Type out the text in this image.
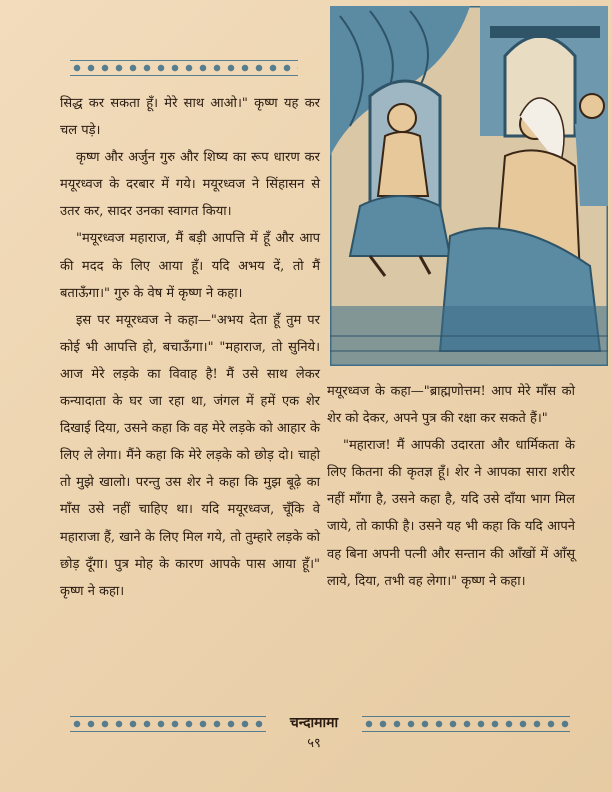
सिद्ध कर सकता हूँ। मेरे साथ आओ।" कृष्ण यह कर चल पड़े।

कृष्ण और अर्जुन गुरु और शिष्य का रूप धारण कर मयूरध्वज के दरबार में गये। मयूरध्वज ने सिंहासन से उतर कर, सादर उनका स्वागत किया।

"मयूरध्वज महाराज, मैं बड़ी आपत्ति में हूँ और आप की मदद के लिए आया हूँ। यदि अभय दें, तो मैं बताऊँगा।" गुरु के वेष में कृष्ण ने कहा।

इस पर मयूरध्वज ने कहा—"अभय देता हूँ तुम पर कोई भी आपत्ति हो, बचाऊँगा।" "महाराज, तो सुनिये। आज मेरे लड़के का विवाह है! मैं उसे साथ लेकर कन्यादाता के घर जा रहा था, जंगल में हमें एक शेर दिखाई दिया, उसने कहा कि वह मेरे लड़के को आहार के लिए ले लेगा। मैंने कहा कि मेरे लड़के को छोड़ दो। चाहो तो मुझे खालो। परन्तु उस शेर ने कहा कि मुझ बूढ़े का माँस उसे नहीं चाहिए था। यदि मयूरध्वज, चूँकि वे महाराजा हैं, खाने के लिए मिल गये, तो तुम्हारे लड़के को छोड़ दूँगा। पुत्र मोह के कारण आपके पास आया हूँ।" कृष्ण ने कहा।

मयूरध्वज के कहा—"ब्राह्मणोत्तम! आप मेरे माँस को शेर को देकर, अपने पुत्र की रक्षा कर सकते हैं।"

"महाराज! मैं आपकी उदारता और धार्मिकता के लिए कितना की कृतज्ञ हूँ। शेर ने आपका सारा शरीर नहीं माँगा है, उसने कहा है, यदि उसे दाँया भाग मिल जाये, तो काफी है। उसने यह भी कहा कि यदि आपने वह बिना अपनी पत्नी और सन्तान की आँखों में आँसू लाये, दिया, तभी वह लेगा।" कृष्ण ने कहा।

चन्दामामा
५९
